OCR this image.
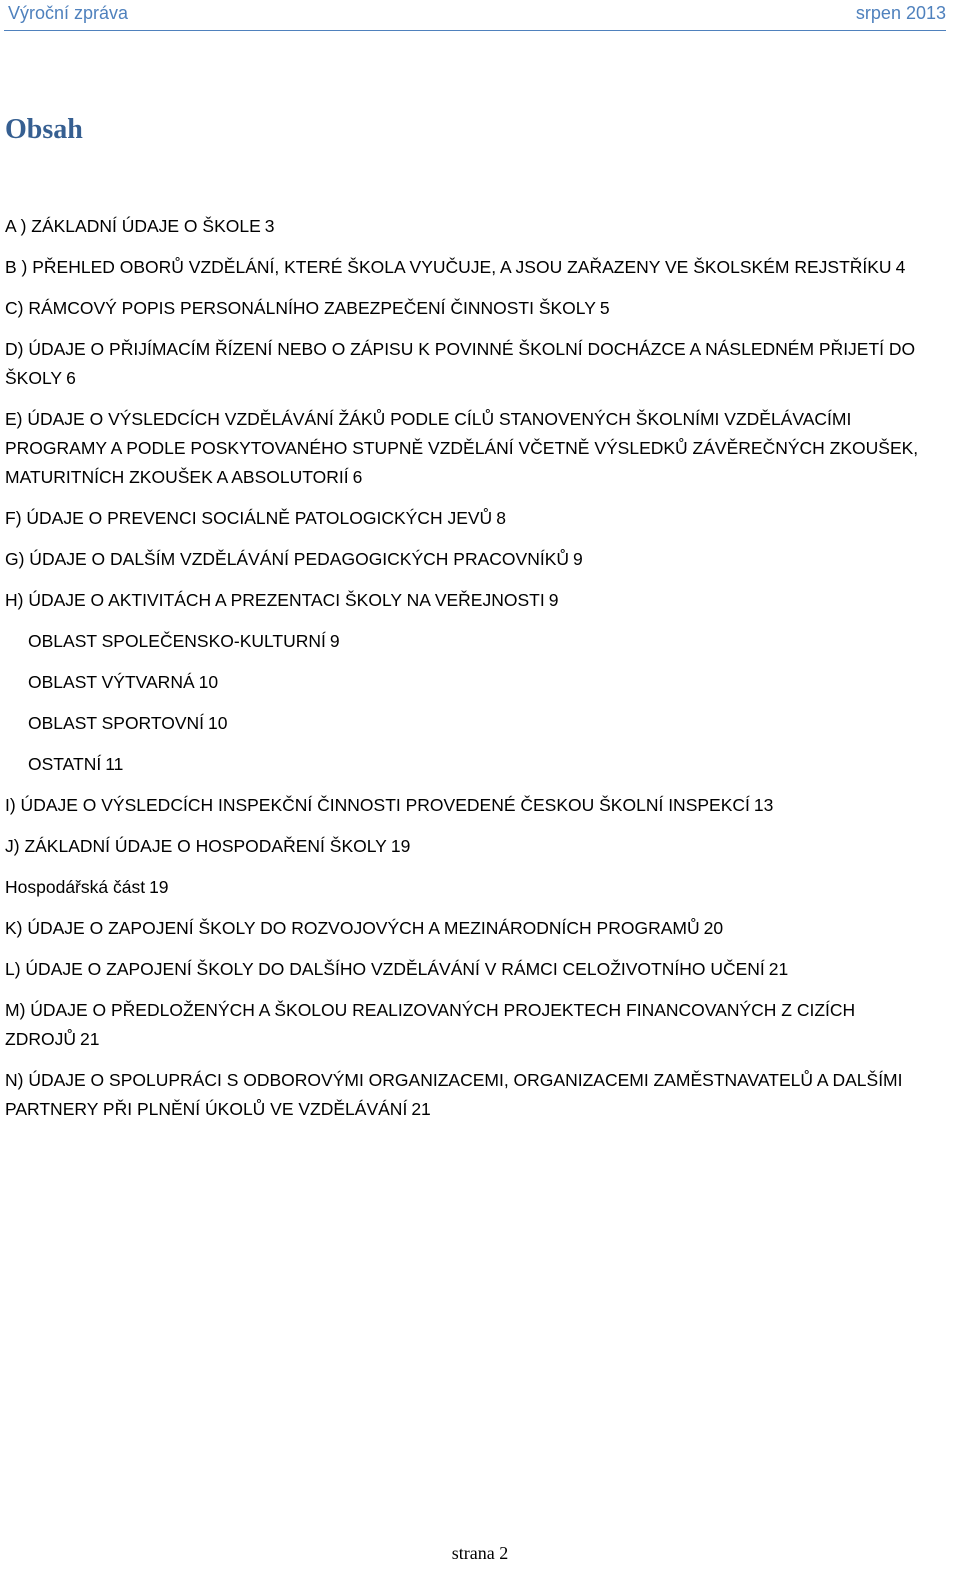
Výroční zpráva	srpen 2013
Obsah

A ) ZÁKLADNÍ ÚDAJE O ŠKOLE 3

B ) PŘEHLED OBORŮ VZDĚLÁNÍ, KTERÉ ŠKOLA VYUČUJE, A JSOU ZAŘAZENY VE ŠKOLSKÉM REJSTŘÍKU 4

C) RÁMCOVÝ POPIS PERSONÁLNÍHO ZABEZPEČENÍ ČINNOSTI ŠKOLY 5

D) ÚDAJE O PŘIJÍMACÍM ŘÍZENÍ NEBO O ZÁPISU K POVINNÉ ŠKOLNÍ DOCHÁZCE A NÁSLEDNÉM PŘIJETÍ DO ŠKOLY 6

E) ÚDAJE O VÝSLEDCÍCH VZDĚLÁVÁNÍ ŽÁKŮ PODLE CÍLŮ STANOVENÝCH ŠKOLNÍMI VZDĚLÁVACÍMI PROGRAMY A PODLE POSKYTOVANÉHO STUPNĚ VZDĚLÁNÍ VČETNĚ VÝSLEDKŮ ZÁVĚREČNÝCH ZKOUŠEK, MATURITNÍCH ZKOUŠEK A ABSOLUTORIÍ 6

F) ÚDAJE O PREVENCI SOCIÁLNĚ PATOLOGICKÝCH JEVŮ 8

G) ÚDAJE O DALŠÍM VZDĚLÁVÁNÍ PEDAGOGICKÝCH PRACOVNÍKŮ 9

H) ÚDAJE O AKTIVITÁCH A PREZENTACI ŠKOLY NA VEŘEJNOSTI 9

OBLAST SPOLEČENSKO-KULTURNÍ 9

OBLAST VÝTVARNÁ 10

OBLAST SPORTOVNÍ 10

OSTATNÍ 11

I) ÚDAJE O VÝSLEDCÍCH INSPEKČNÍ ČINNOSTI PROVEDENÉ ČESKOU ŠKOLNÍ INSPEKCÍ 13

J) ZÁKLADNÍ ÚDAJE O HOSPODAŘENÍ ŠKOLY 19

Hospodářská část 19

K) ÚDAJE O ZAPOJENÍ ŠKOLY DO ROZVOJOVÝCH A MEZINÁRODNÍCH PROGRAMŮ 20

L) ÚDAJE O ZAPOJENÍ ŠKOLY DO DALŠÍHO VZDĚLÁVÁNÍ V RÁMCI CELOŽIVOTNÍHO UČENÍ 21

M) ÚDAJE O PŘEDLOŽENÝCH A ŠKOLOU REALIZOVANÝCH PROJEKTECH FINANCOVANÝCH Z CIZÍCH ZDROJŮ 21

N) ÚDAJE O SPOLUPRÁCI S ODBOROVÝMI ORGANIZACEMI, ORGANIZACEMI ZAMĚSTNAVATELŮ A DALŠÍMI PARTNERY PŘI PLNĚNÍ ÚKOLŮ VE VZDĚLÁVÁNÍ 21

strana 2
